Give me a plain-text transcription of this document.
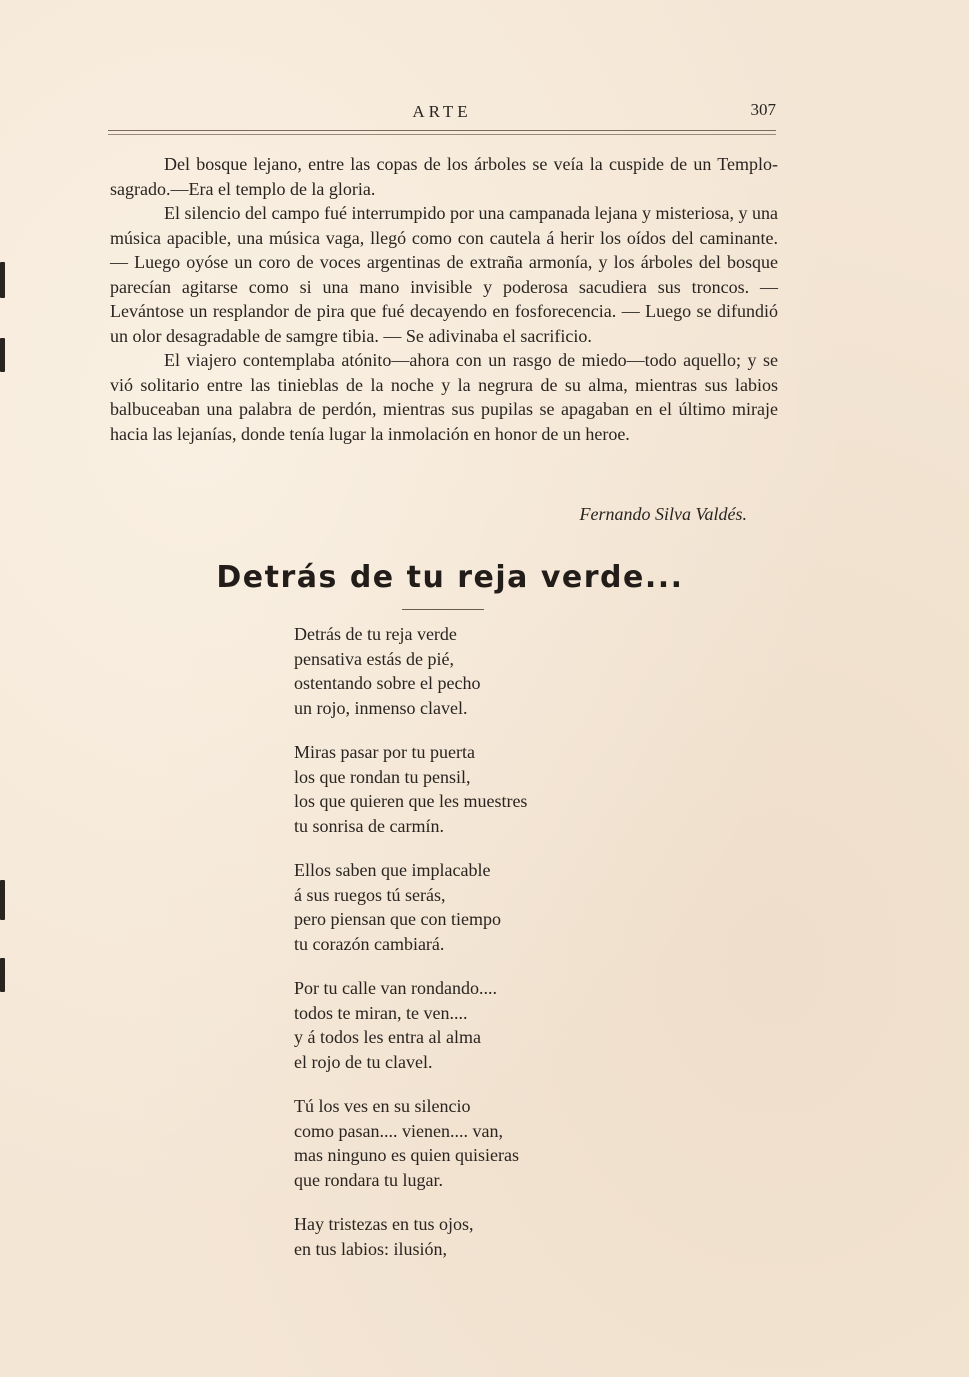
ARTE	307

Del bosque lejano, entre las copas de los árboles se veía la cuspide de un Templo-sagrado.—Era el templo de la gloria.

El silencio del campo fué interrumpido por una campanada lejana y misteriosa, y una música apacible, una música vaga, llegó como con cautela á herir los oídos del caminante. — Luego oyóse un coro de voces argentinas de extraña armonía, y los árboles del bosque parecían agitarse como si una mano invisible y poderosa sacudiera sus troncos. — Levántose un resplandor de pira que fué decayendo en fosforecencia. — Luego se difundió un olor desagradable de samgre tibia. — Se adivinaba el sacrificio.

El viajero contemplaba atónito—ahora con un rasgo de miedo—todo aquello; y se vió solitario entre las tinieblas de la noche y la negrura de su alma, mientras sus labios balbuceaban una palabra de perdón, mientras sus pupilas se apagaban en el último miraje hacia las lejanías, donde tenía lugar la inmolación en honor de un heroe.

Fernando Silva Valdés.
Detrás de tu reja verde...
Detrás de tu reja verde
pensativa estás de pié,
ostentando sobre el pecho
un rojo, inmenso clavel.
Miras pasar por tu puerta
los que rondan tu pensil,
los que quieren que les muestres
tu sonrisa de carmín.
Ellos saben que implacable
á sus ruegos tú serás,
pero piensan que con tiempo
tu corazón cambiará.
Por tu calle van rondando....
todos te miran, te ven....
y á todos les entra al alma
el rojo de tu clavel.
Tú los ves en su silencio
como pasan.... vienen.... van,
mas ninguno es quien quisieras
que rondara tu lugar.
Hay tristezas en tus ojos,
en tus labios: ilusión,
